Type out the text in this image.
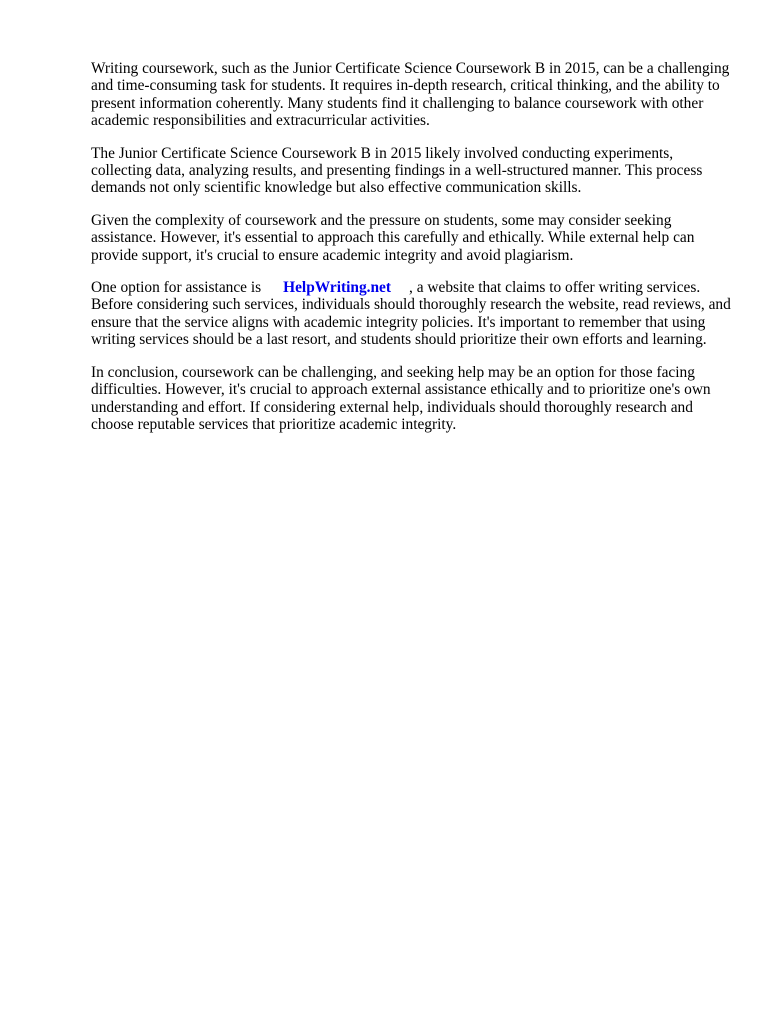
Writing coursework, such as the Junior Certificate Science Coursework B in 2015, can be a challenging and time-consuming task for students. It requires in-depth research, critical thinking, and the ability to present information coherently. Many students find it challenging to balance coursework with other academic responsibilities and extracurricular activities.

The Junior Certificate Science Coursework B in 2015 likely involved conducting experiments, collecting data, analyzing results, and presenting findings in a well-structured manner. This process demands not only scientific knowledge but also effective communication skills.

Given the complexity of coursework and the pressure on students, some may consider seeking assistance. However, it's essential to approach this carefully and ethically. While external help can provide support, it's crucial to ensure academic integrity and avoid plagiarism.

One option for assistance is HelpWriting.net , a website that claims to offer writing services. Before considering such services, individuals should thoroughly research the website, read reviews, and ensure that the service aligns with academic integrity policies. It's important to remember that using writing services should be a last resort, and students should prioritize their own efforts and learning.

In conclusion, coursework can be challenging, and seeking help may be an option for those facing difficulties. However, it's crucial to approach external assistance ethically and to prioritize one's own understanding and effort. If considering external help, individuals should thoroughly research and choose reputable services that prioritize academic integrity.
